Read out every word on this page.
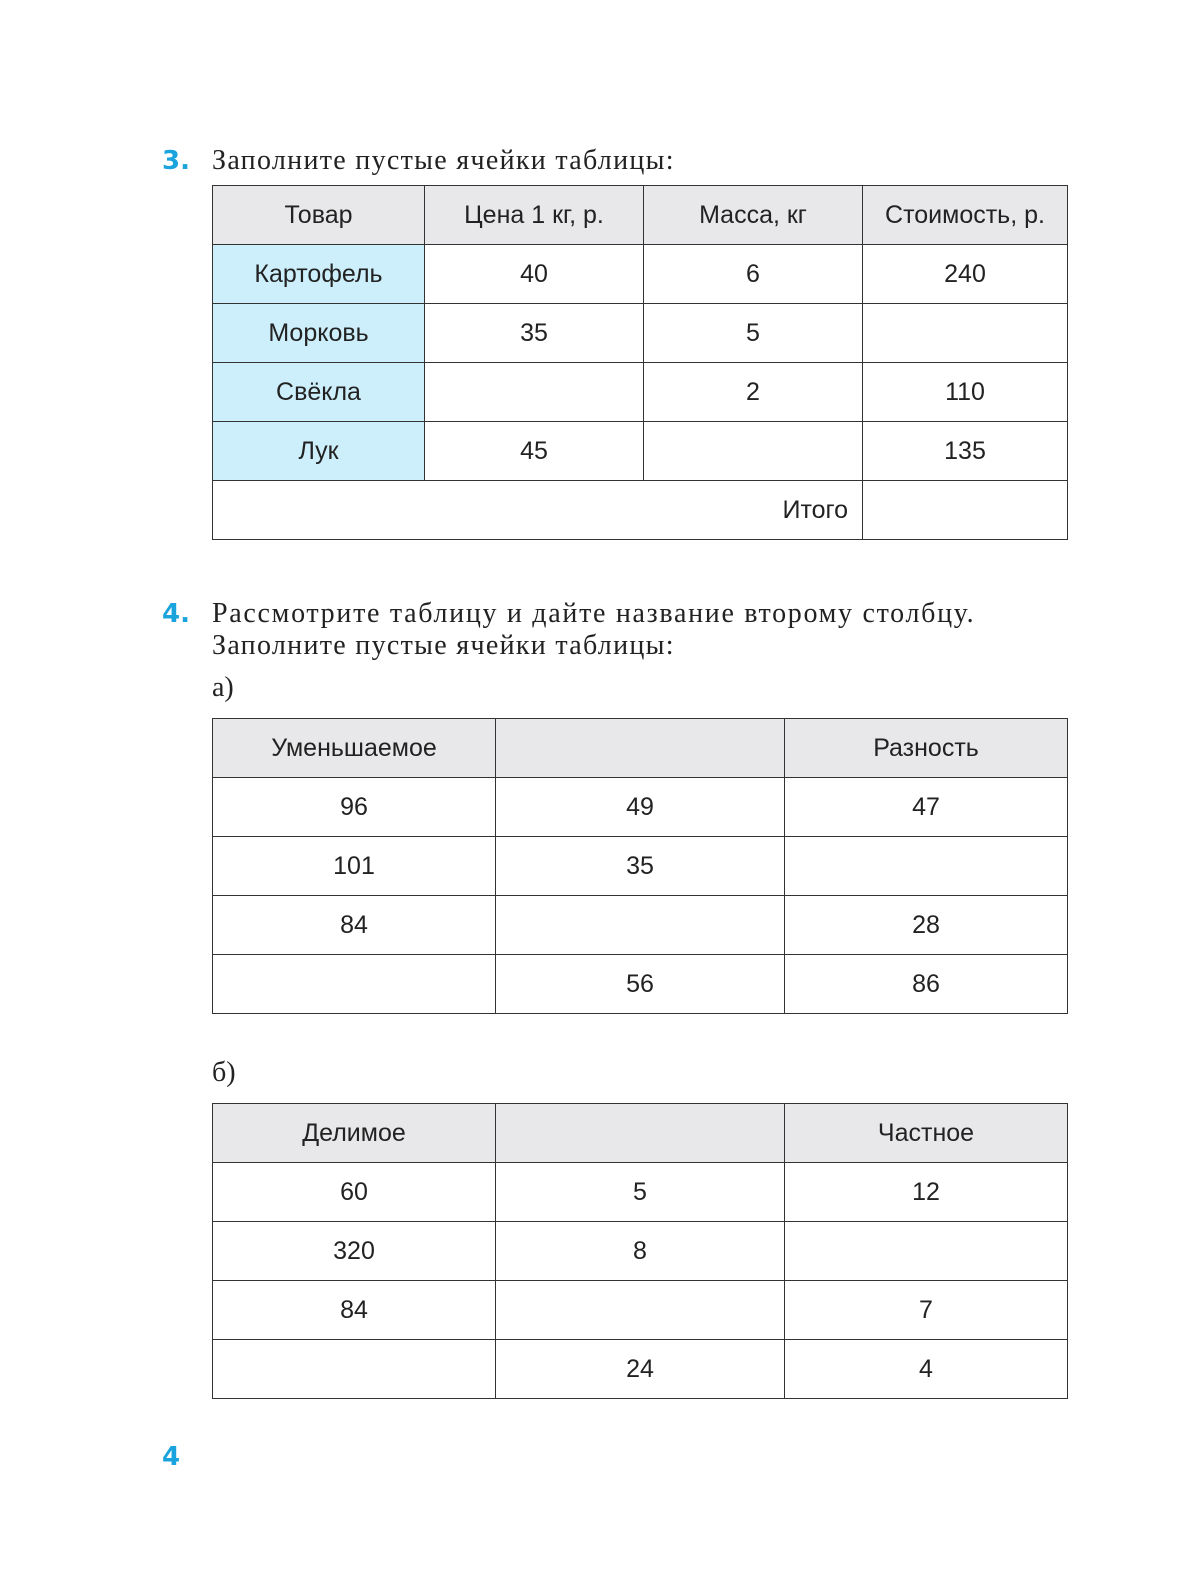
3. Заполните пустые ячейки таблицы:
Товар	Цена 1 кг, р.	Масса, кг	Стоимость, р.
Картофель	40	6	240
Морковь	35	5	
Свёкла		2	110
Лук	45		135
Итого			
4. Рассмотрите таблицу и дайте название второму столбцу.
Заполните пустые ячейки таблицы:
а)
Уменьшаемое		Разность
96	49	47
101	35	
84		28
	56	86
б)
Делимое		Частное
60	5	12
320	8	
84		7
	24	4
4
